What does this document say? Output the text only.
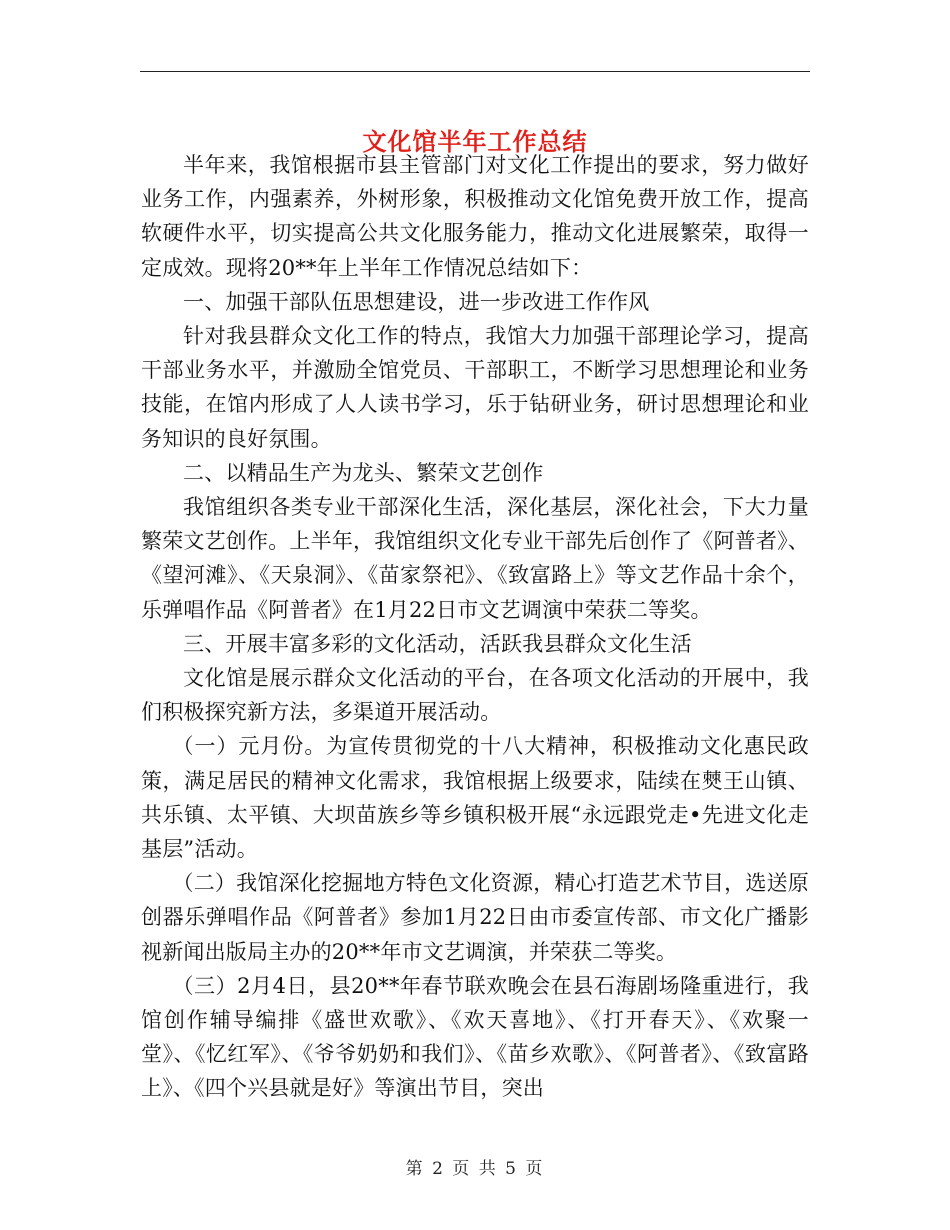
文化馆半年工作总结

半年来，我馆根据市县主管部门对文化工作提出的要求，努力做好业务工作，内强素养，外树形象，积极推动文化馆免费开放工作，提高软硬件水平，切实提高公共文化服务能力，推动文化进展繁荣，取得一定成效。现将20**年上半年工作情况总结如下：

一、加强干部队伍思想建设，进一步改进工作作风

针对我县群众文化工作的特点，我馆大力加强干部理论学习，提高干部业务水平，并激励全馆党员、干部职工，不断学习思想理论和业务技能，在馆内形成了人人读书学习，乐于钻研业务，研讨思想理论和业务知识的良好氛围。

二、以精品生产为龙头、繁荣文艺创作

我馆组织各类专业干部深化生活，深化基层，深化社会，下大力量繁荣文艺创作。上半年，我馆组织文化专业干部先后创作了《阿普者》、《望河滩》、《天泉洞》、《苗家祭祀》、《致富路上》等文艺作品十余个，乐弹唱作品《阿普者》在1月22日市文艺调演中荣获二等奖。

三、开展丰富多彩的文化活动，活跃我县群众文化生活

文化馆是展示群众文化活动的平台，在各项文化活动的开展中，我们积极探究新方法，多渠道开展活动。

（一）元月份。为宣传贯彻党的十八大精神，积极推动文化惠民政策，满足居民的精神文化需求，我馆根据上级要求，陆续在僰王山镇、共乐镇、太平镇、大坝苗族乡等乡镇积极开展“永远跟党走•先进文化走基层”活动。

（二）我馆深化挖掘地方特色文化资源，精心打造艺术节目，选送原创器乐弹唱作品《阿普者》参加1月22日由市委宣传部、市文化广播影视新闻出版局主办的20**年市文艺调演，并荣获二等奖。

（三）2月4日，县20**年春节联欢晚会在县石海剧场隆重进行，我馆创作辅导编排《盛世欢歌》、《欢天喜地》、《打开春天》、《欢聚一堂》、《忆红军》、《爷爷奶奶和我们》、《苗乡欢歌》、《阿普者》、《致富路上》、《四个兴县就是好》等演出节目，突出

第 2 页 共 5 页
